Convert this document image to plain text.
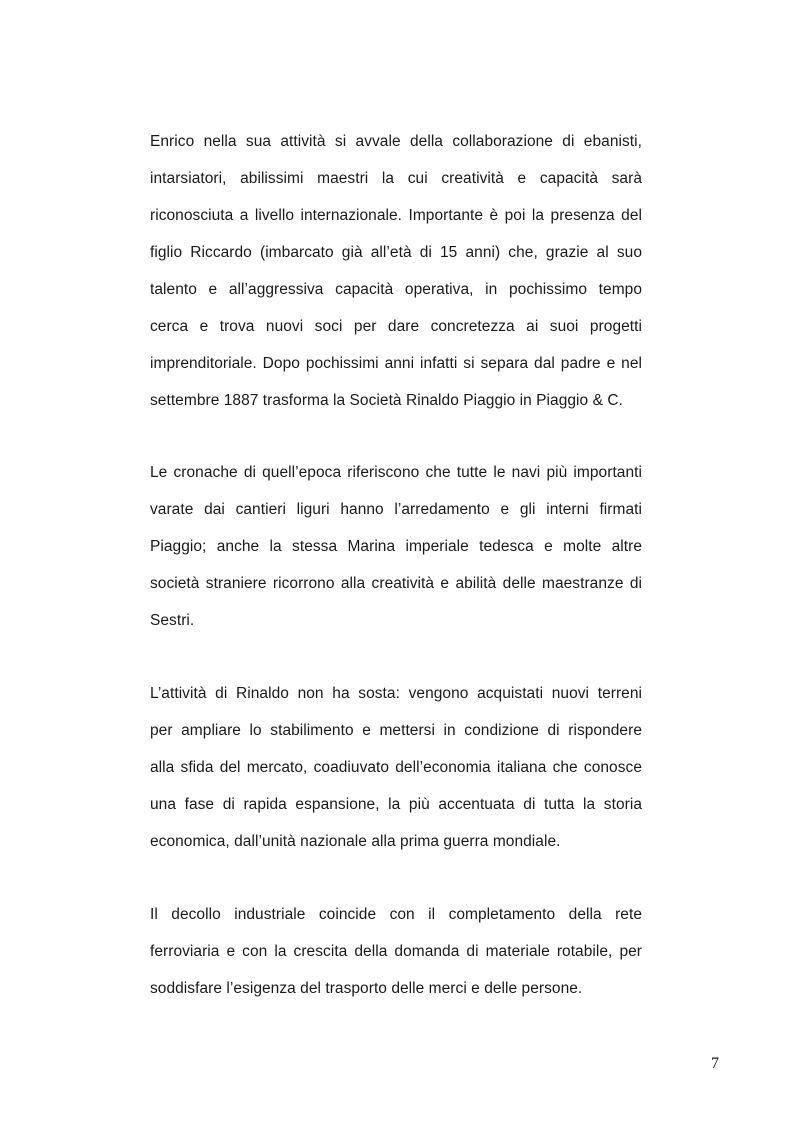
Enrico nella sua attività si avvale della collaborazione di ebanisti,
intarsiatori, abilissimi maestri la cui creatività e capacità sarà
riconosciuta a livello internazionale. Importante è poi la presenza del
figlio Riccardo (imbarcato già all’età di 15 anni) che, grazie al suo
talento e all’aggressiva capacità operativa, in pochissimo tempo
cerca e trova nuovi soci per dare concretezza ai suoi progetti
imprenditoriale. Dopo pochissimi anni infatti si separa dal padre e nel
settembre 1887 trasforma la Società Rinaldo Piaggio in Piaggio & C.
Le cronache di quell’epoca riferiscono che tutte le navi più importanti
varate dai cantieri liguri hanno l’arredamento e gli interni firmati
Piaggio; anche la stessa Marina imperiale tedesca e molte altre
società straniere ricorrono alla creatività e abilità delle maestranze di
Sestri.
L’attività di Rinaldo non ha sosta: vengono acquistati nuovi terreni
per ampliare lo stabilimento e mettersi in condizione di rispondere
alla sfida del mercato, coadiuvato dell’economia italiana che conosce
una fase di rapida espansione, la più accentuata di tutta la storia
economica, dall’unità nazionale alla prima guerra mondiale.
Il decollo industriale coincide con il completamento della rete
ferroviaria e con la crescita della domanda di materiale rotabile, per
soddisfare l’esigenza del trasporto delle merci e delle persone.
7
